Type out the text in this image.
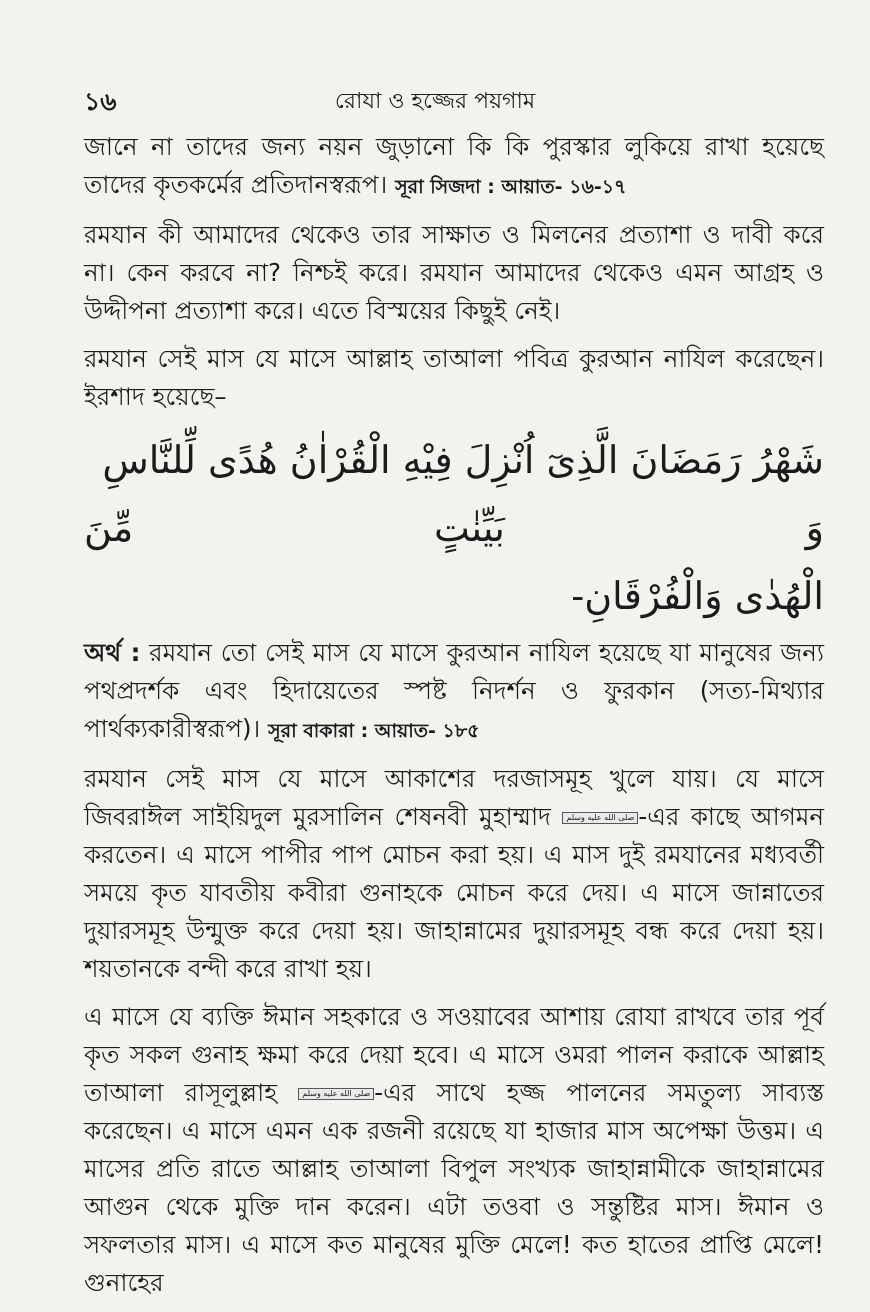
১৬	রোযা ও হজ্জের পয়গাম

জানে না তাদের জন্য নয়ন জুড়ানো কি কি পুরস্কার লুকিয়ে রাখা হয়েছে তাদের কৃতকর্মের প্রতিদানস্বরূপ। সূরা সিজদা : আয়াত- ১৬-১৭

রমযান কী আমাদের থেকেও তার সাক্ষাত ও মিলনের প্রত্যাশা ও দাবী করে না। কেন করবে না? নিশ্চই করে। রমযান আমাদের থেকেও এমন আগ্রহ ও উদ্দীপনা প্রত্যাশা করে। এতে বিস্ময়ের কিছুই নেই।

রমযান সেই মাস যে মাসে আল্লাহ তাআলা পবিত্র কুরআন নাযিল করেছেন। ইরশাদ হয়েছে–

شَهْرُ رَمَضَانَ الَّذِىٓ اُنْزِلَ فِيْهِ الْقُرْاٰنُ هُدًى لِّلنَّاسِ وَ بَيِّنٰتٍ مِّنَ
الْهُدٰى وَالْفُرْقَانِ-

অর্থ : রমযান তো সেই মাস যে মাসে কুরআন নাযিল হয়েছে যা মানুষের জন্য পথপ্রদর্শক এবং হিদায়েতের স্পষ্ট নিদর্শন ও ফুরকান (সত্য-মিথ্যার পার্থক্যকারীস্বরূপ)। সূরা বাকারা : আয়াত- ১৮৫

রমযান সেই মাস যে মাসে আকাশের দরজাসমূহ খুলে যায়। যে মাসে জিবরাঈল সাইয়িদুল মুরসালিন শেষনবী মুহাম্মাদ صلى الله عليه وسلم -এর কাছে আগমন করতেন। এ মাসে পাপীর পাপ মোচন করা হয়। এ মাস দুই রমযানের মধ্যবর্তী সময়ে কৃত যাবতীয় কবীরা গুনাহকে মোচন করে দেয়। এ মাসে জান্নাতের দুয়ারসমূহ উন্মুক্ত করে দেয়া হয়। জাহান্নামের দুয়ারসমূহ বন্ধ করে দেয়া হয়। শয়তানকে বন্দী করে রাখা হয়।

এ মাসে যে ব্যক্তি ঈমান সহকারে ও সওয়াবের আশায় রোযা রাখবে তার পূর্ব কৃত সকল গুনাহ ক্ষমা করে দেয়া হবে। এ মাসে ওমরা পালন করাকে আল্লাহ তাআলা রাসূলুল্লাহ	صلى الله عليه وسلم -এর সাথে হজ্জ পালনের সমতুল্য সাব্যস্ত করেছেন। এ মাসে এমন এক রজনী রয়েছে যা হাজার মাস অপেক্ষা উত্তম। এ মাসের প্রতি রাতে আল্লাহ তাআলা বিপুল সংখ্যক জাহান্নামীকে জাহান্নামের আগুন থেকে মুক্তি দান করেন। এটা তওবা ও সন্তুষ্টির মাস। ঈমান ও সফলতার মাস। এ মাসে কত মানুষের মুক্তি মেলে! কত হাতের প্রাপ্তি মেলে! গুনাহের
